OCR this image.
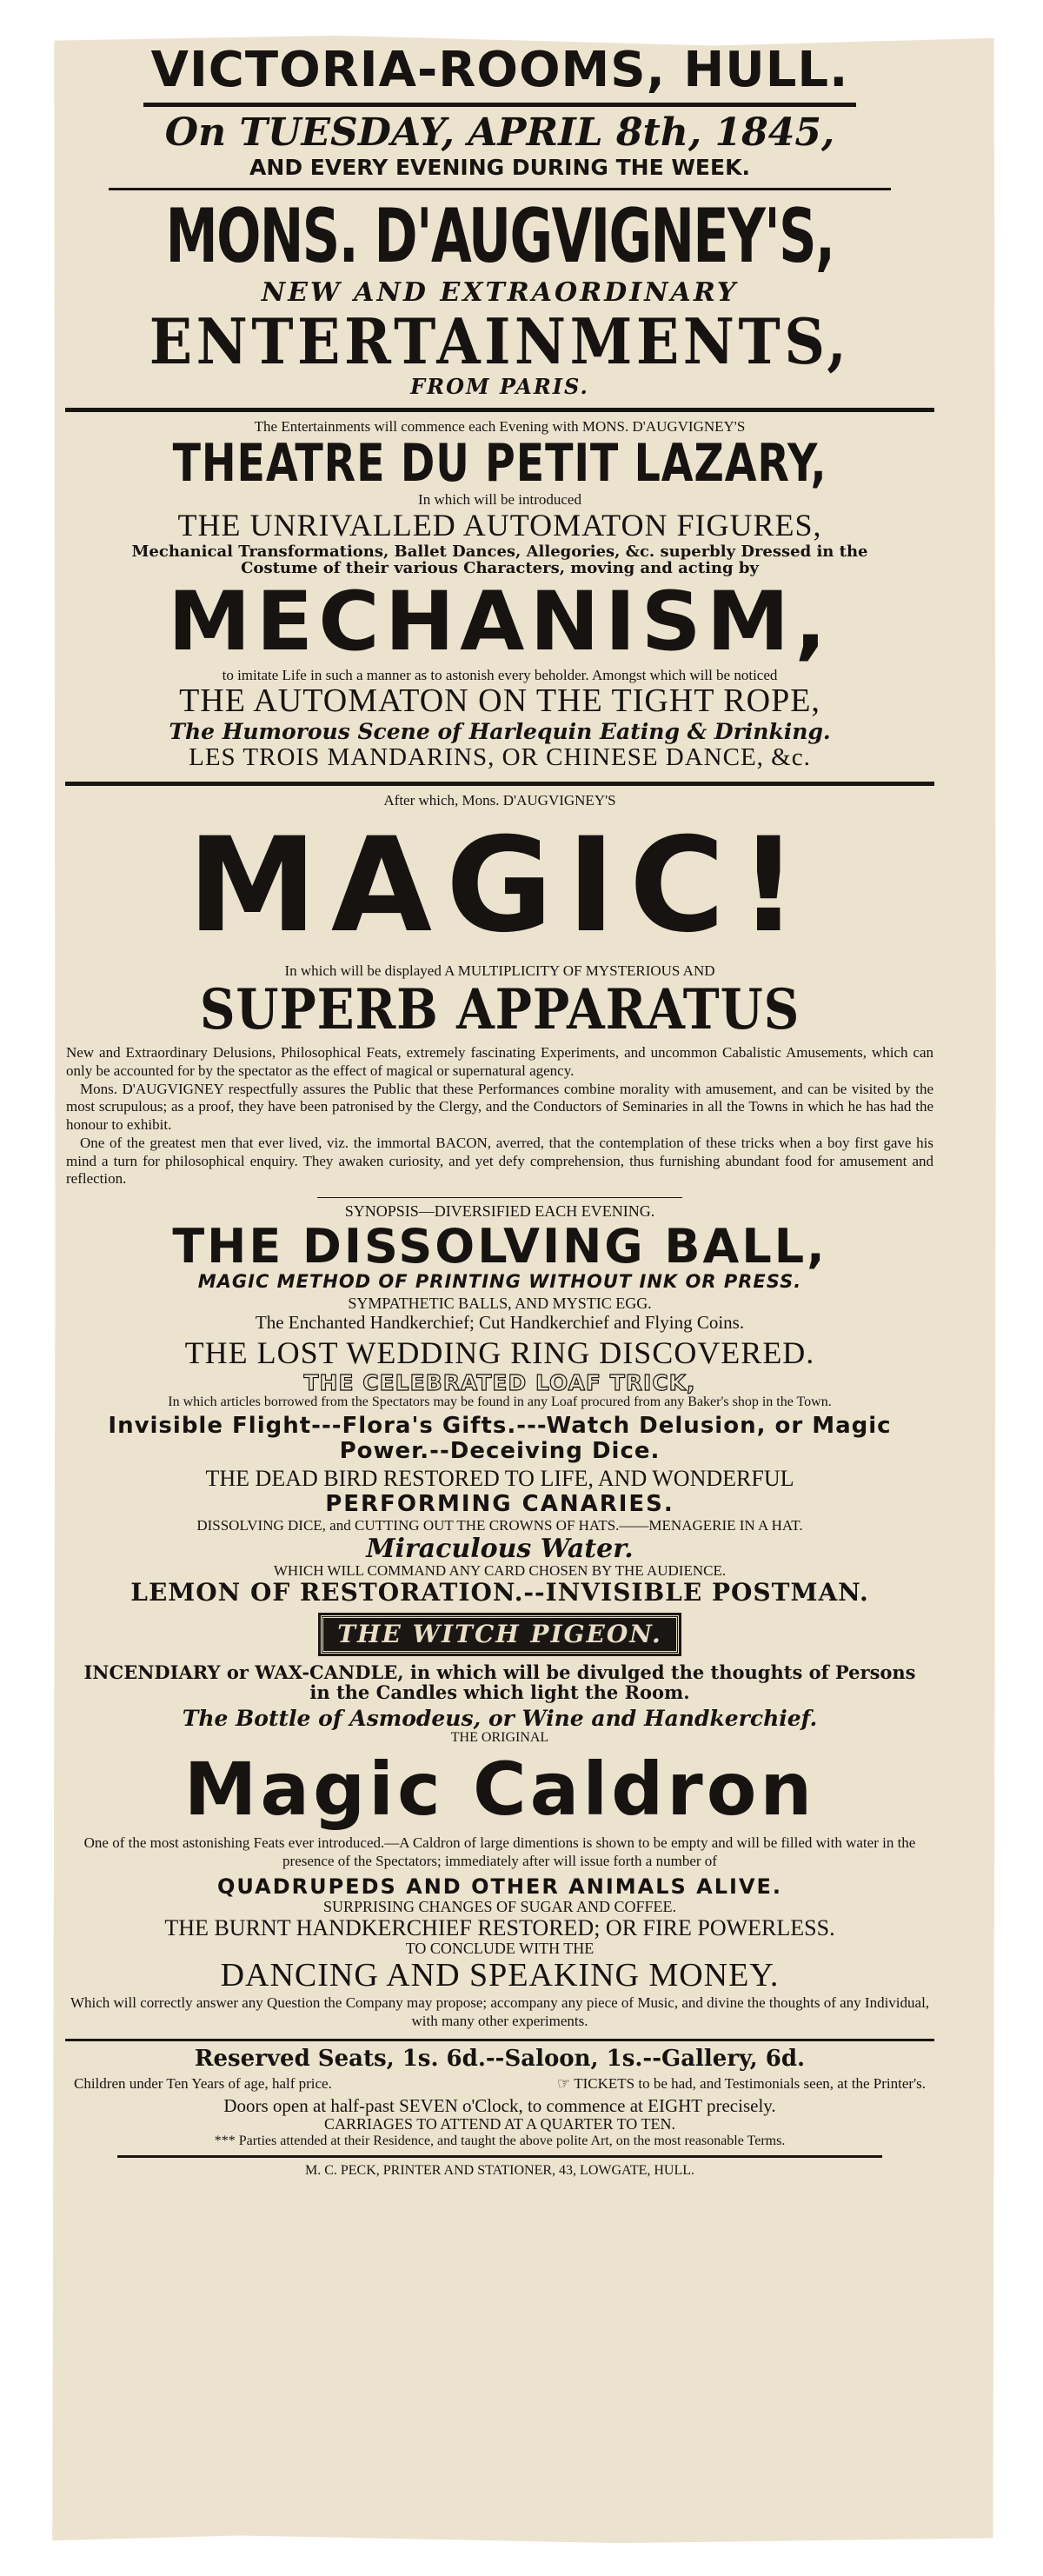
VICTORIA-ROOMS, HULL.

On TUESDAY, APRIL 8th, 1845,

AND EVERY EVENING DURING THE WEEK.

MONS. D'AUGVIGNEY'S,

NEW AND EXTRAORDINARY

ENTERTAINMENTS,

FROM PARIS.

The Entertainments will commence each Evening with MONS. D'AUGVIGNEY'S

THEATRE DU PETIT LAZARY,

In which will be introduced

THE UNRIVALLED AUTOMATON FIGURES,

Mechanical Transformations, Ballet Dances, Allegories, &c. superbly Dressed in the

Costume of their various Characters, moving and acting by

MECHANISM,

to imitate Life in such a manner as to astonish every beholder. Amongst which will be noticed

THE AUTOMATON ON THE TIGHT ROPE,

The Humorous Scene of Harlequin Eating & Drinking.

LES TROIS MANDARINS, OR CHINESE DANCE, &c.

After which, Mons. D'AUGVIGNEY'S

MAGIC!

In which will be displayed A MULTIPLICITY OF MYSTERIOUS AND

SUPERB APPARATUS

New and Extraordinary Delusions, Philosophical Feats, extremely fascinating Experiments, and uncommon Cabalistic Amusements, which can only be accounted for by the spectator as the effect of magical or supernatural agency.

Mons. D'AUGVIGNEY respectfully assures the Public that these Performances combine morality with amusement, and can be visited by the most scrupulous; as a proof, they have been patronised by the Clergy, and the Conductors of Seminaries in all the Towns in which he has had the honour to exhibit.

One of the greatest men that ever lived, viz. the immortal BACON, averred, that the contemplation of these tricks when a boy first gave his mind a turn for philosophical enquiry. They awaken curiosity, and yet defy comprehension, thus furnishing abundant food for amusement and reflection.

SYNOPSIS—DIVERSIFIED EACH EVENING.

THE DISSOLVING BALL,

MAGIC METHOD OF PRINTING WITHOUT INK OR PRESS.

SYMPATHETIC BALLS, AND MYSTIC EGG.

The Enchanted Handkerchief; Cut Handkerchief and Flying Coins.

THE LOST WEDDING RING DISCOVERED.

THE CELEBRATED LOAF TRICK,

In which articles borrowed from the Spectators may be found in any Loaf procured from any Baker's shop in the Town.

Invisible Flight---Flora's Gifts.---Watch Delusion, or Magic

Power.--Deceiving Dice.

THE DEAD BIRD RESTORED TO LIFE, AND WONDERFUL

PERFORMING CANARIES.

DISSOLVING DICE, and CUTTING OUT THE CROWNS OF HATS.——MENAGERIE IN A HAT.

Miraculous Water.

WHICH WILL COMMAND ANY CARD CHOSEN BY THE AUDIENCE.

LEMON OF RESTORATION.--INVISIBLE POSTMAN.

THE WITCH PIGEON.

INCENDIARY or WAX-CANDLE, in which will be divulged the thoughts of Persons

in the Candles which light the Room.

The Bottle of Asmodeus, or Wine and Handkerchief.

THE ORIGINAL

Magic Caldron

One of the most astonishing Feats ever introduced.—A Caldron of large dimentions is shown to be empty and will be filled with water in the presence of the Spectators; immediately after will issue forth a number of

QUADRUPEDS AND OTHER ANIMALS ALIVE.

SURPRISING CHANGES OF SUGAR AND COFFEE.

THE BURNT HANDKERCHIEF RESTORED; OR FIRE POWERLESS.

TO CONCLUDE WITH THE

DANCING AND SPEAKING MONEY.

Which will correctly answer any Question the Company may propose; accompany any piece of Music, and divine the thoughts of any Individual, with many other experiments.

Reserved Seats, 1s. 6d.--Saloon, 1s.--Gallery, 6d.

Children under Ten Years of age, half price.	☞ TICKETS to be had, and Testimonials seen, at the Printer's.

Doors open at half-past SEVEN o'Clock, to commence at EIGHT precisely.

CARRIAGES TO ATTEND AT A QUARTER TO TEN.

*** Parties attended at their Residence, and taught the above polite Art, on the most reasonable Terms.

M. C. PECK, PRINTER AND STATIONER, 43, LOWGATE, HULL.
